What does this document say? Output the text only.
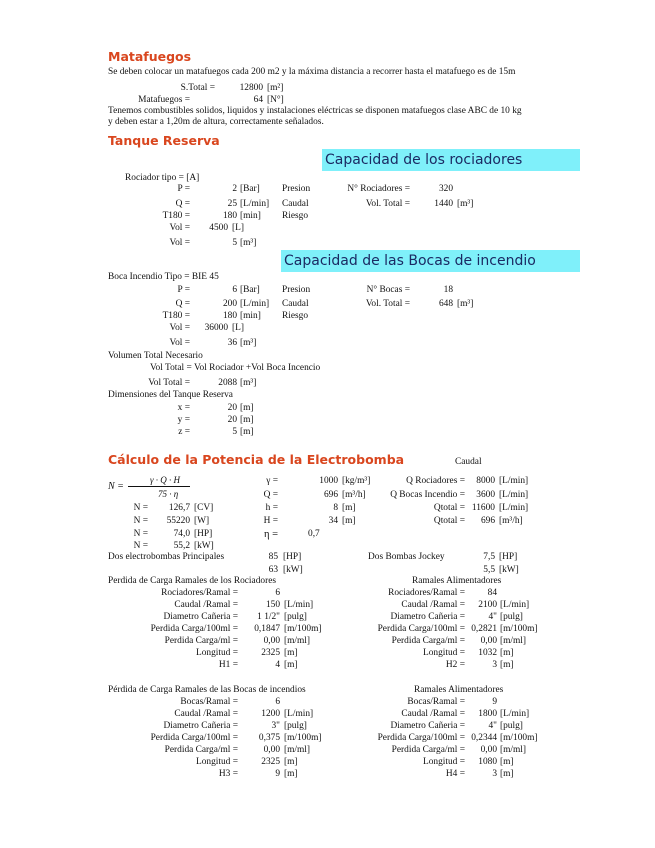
Matafuegos
Se deben colocar un matafuegos cada 200 m2 y la máxima distancia a recorrer hasta el matafuego es de 15m
S.Total =	12800 [m²]
Matafuegos =	64 [N°]
Tenemos combustibles solidos, liquidos y instalaciones eléctricas se disponen matafuegos clase ABC de 10 kg
y deben estar a 1,20m de altura, correctamente señalados.
Tanque Reserva
Capacidad de los rociadores
Rociador tipo = [A]
P =	2 [Bar] Presion
Q =	25 [L/min] Caudal
T180 =	180 [min] Riesgo
Vol =	4500 [L]
Vol =	5 [m³]
N° Rociadores =	320
Vol. Total =	1440 [m³]
Capacidad de las Bocas de incendio
Boca Incendio Tipo = BIE 45
P =	6 [Bar] Presion
Q =	200 [L/min] Caudal
T180 =	180 [min] Riesgo
Vol =	36000 [L]
Vol =	36 [m³]
N° Bocas =	18
Vol. Total =	648 [m³]
Volumen Total Necesario
Vol Total = Vol Rociador +Vol Boca Incencio
Vol Total =	2088 [m³]
Dimensiones del Tanque Reserva
x =	20 [m]
y =	20 [m]
z =	5 [m]
Cálculo de la Potencia de la Electrobomba	Caudal
N =
γ · Q · H
75 · η
N =	126,7 [CV]
N =	55220 [W]
N =	74,0 [HP]
N =	55,2 [kW]
γ =	1000 [kg/m³]
Q =	696 [m³/h]
h =	8 [m]
H =	34 [m]
η =	0,7
Q Rociadores =	8000 [L/min]
Q Bocas Incendio =	3600 [L/min]
Qtotal = 11600 [L/min]
Qtotal =	696 [m³/h]
Dos electrobombas Principales	85 [HP]
63 [kW]
Dos Bombas Jockey	7,5 [HP]
5,5 [kW]
Perdida de Carga Ramales de los Rociadores	Ramales Alimentadores
Rociadores/Ramal =	6
Caudal /Ramal =	150 [L/min]
Diametro Cañeria =	1 1/2" [pulg]
Perdida Carga/100ml =	0,1847 [m/100m]
Perdida Carga/ml =	0,00 [m/ml]
Longitud =	2325 [m]
H1 =	4 [m]
Rociadores/Ramal =	84
Caudal /Ramal =	2100 [L/min]
Diametro Cañeria =	4" [pulg]
Perdida Carga/100ml = 0,2821 [m/100m]
Perdida Carga/ml =	0,00 [m/ml]
Longitud =	1032 [m]
H2 =	3 [m]
Pérdida de Carga Ramales de las Bocas de incendios	Ramales Alimentadores
Bocas/Ramal =	6
Caudal /Ramal =	1200 [L/min]
Diametro Cañeria =	3" [pulg]
Perdida Carga/100ml =	0,375 [m/100m]
Perdida Carga/ml =	0,00 [m/ml]
Longitud =	2325 [m]
H3 =	9 [m]
Bocas/Ramal =	9
Caudal /Ramal =	1800 [L/min]
Diametro Cañeria =	4" [pulg]
Perdida Carga/100ml = 0,2344 [m/100m]
Perdida Carga/ml =	0,00 [m/ml]
Longitud =	1080 [m]
H4 =	3 [m]
